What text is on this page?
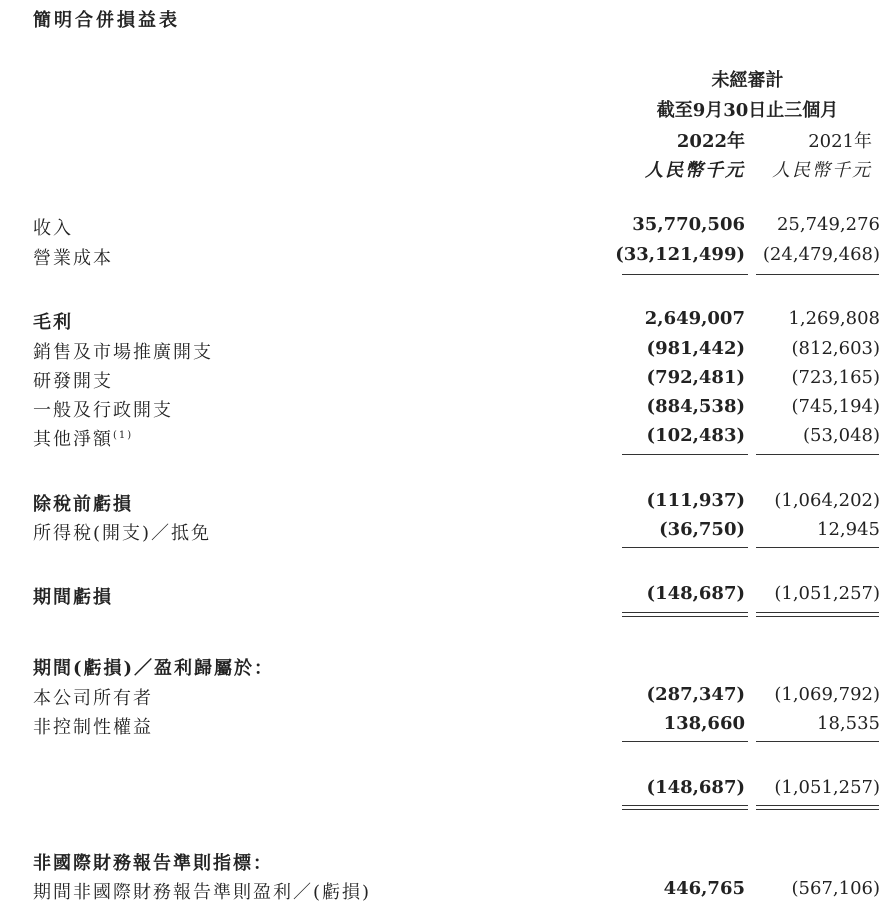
簡明合併損益表
未經審計
截至9月30日止三個月
2022年	2021年
人民幣千元 人民幣千元
收入	35,770,506 25,749,276
營業成本	(33,121,499) (24,479,468)
毛利	2,649,007 1,269,808
銷售及市場推廣開支	(981,442)	(812,603)
研發開支	(792,481)	(723,165)
一般及行政開支	(884,538)	(745,194)
其他淨額$^{(1)}$	(102,483)	(53,048)
除稅前虧損	(111,937) (1,064,202)
所得稅(開支)／抵免	(36,750)	12,945
期間虧損	(148,687) (1,051,257)
期間(虧損)／盈利歸屬於：
本公司所有者	(287,347) (1,069,792)
非控制性權益	138,660	18,535
(148,687) (1,051,257)
非國際財務報告準則指標：
期間非國際財務報告準則盈利／(虧損)	446,765	(567,106)
